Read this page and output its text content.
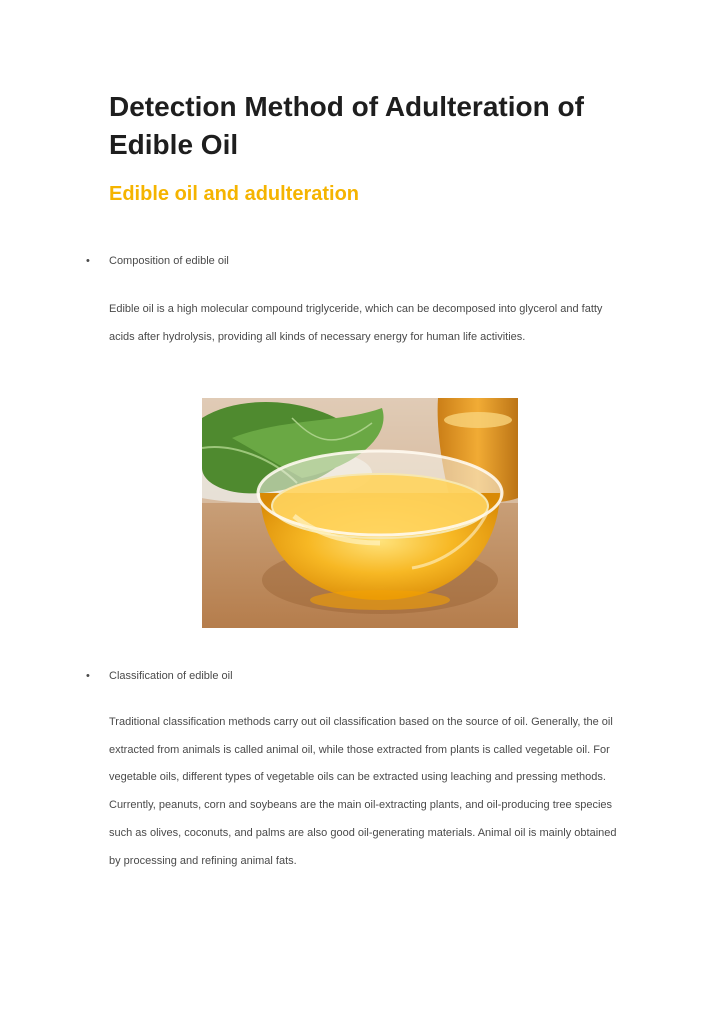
Detection Method of Adulteration of Edible Oil
Edible oil and adulteration
• Composition of edible oil

Edible oil is a high molecular compound triglyceride, which can be decomposed into glycerol and fatty acids after hydrolysis, providing all kinds of necessary energy for human life activities.

• Classification of edible oil

Traditional classification methods carry out oil classification based on the source of oil. Generally, the oil extracted from animals is called animal oil, while those extracted from plants is called vegetable oil. For vegetable oils, different types of vegetable oils can be extracted using leaching and pressing methods. Currently, peanuts, corn and soybeans are the main oil-extracting plants, and oil-producing tree species such as olives, coconuts, and palms are also good oil-generating materials. Animal oil is mainly obtained by processing and refining animal fats.
